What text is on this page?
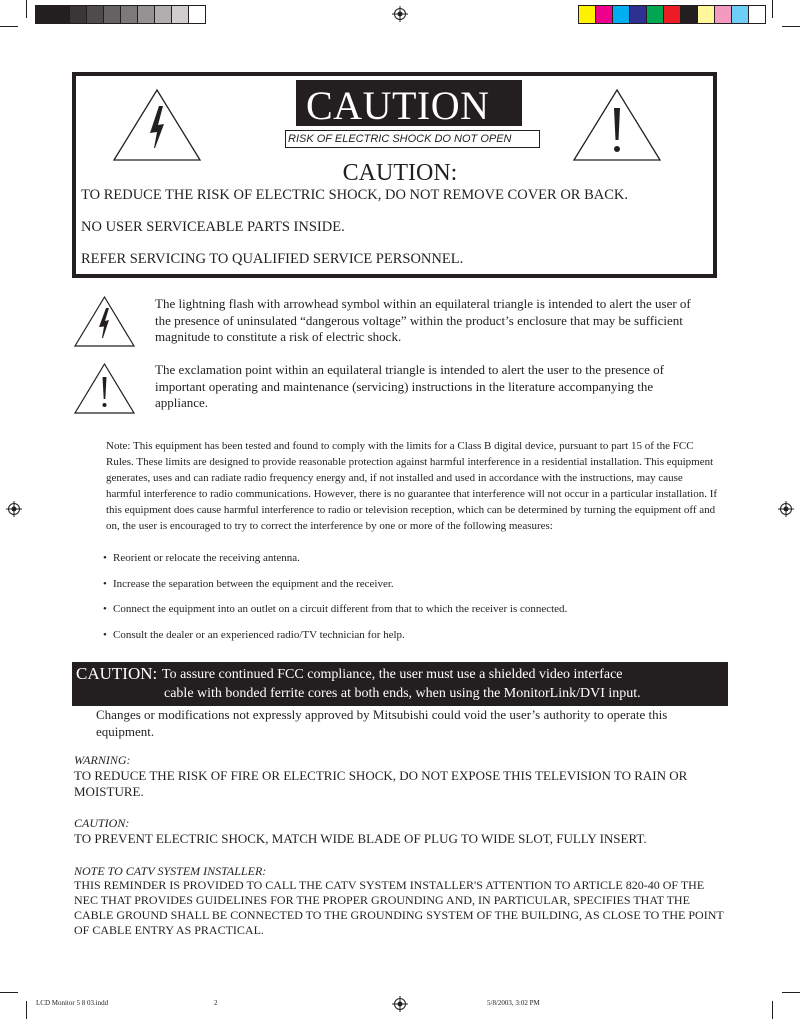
CAUTION
RISK OF ELECTRIC SHOCK DO NOT OPEN
CAUTION:
TO REDUCE THE RISK OF ELECTRIC SHOCK, DO NOT REMOVE COVER OR BACK.
NO USER SERVICEABLE PARTS INSIDE.
REFER SERVICING TO QUALIFIED SERVICE PERSONNEL.
The lightning flash with arrowhead symbol within an equilateral triangle is intended to alert the user of the presence of uninsulated “dangerous voltage” within the product’s enclosure that may be sufficient magnitude to constitute a risk of electric shock.
The exclamation point within an equilateral triangle is intended to alert the user to the presence of important operating and maintenance (servicing) instructions in the literature accompanying the appliance.
Note: This equipment has been tested and found to comply with the limits for a Class B digital device, pursuant to part 15 of the FCC Rules. These limits are designed to provide reasonable protection against harmful interference in a residential installation. This equipment generates, uses and can radiate radio frequency energy and, if not installed and used in accordance with the instructions, may cause harmful interference to radio communications. However, there is no guarantee that interference will not occur in a particular installation. If this equipment does cause harmful interference to radio or television reception, which can be determined by turning the equipment off and on, the user is encouraged to try to correct the interference by one or more of the following measures:
• Reorient or relocate the receiving antenna.
• Increase the separation between the equipment and the receiver.
• Connect the equipment into an outlet on a circuit different from that to which the receiver is connected.
• Consult the dealer or an experienced radio/TV technician for help.
CAUTION: To assure continued FCC compliance, the user must use a shielded video interface
cable with bonded ferrite cores at both ends, when using the MonitorLink/DVI input.
Changes or modifications not expressly approved by Mitsubishi could void the user’s authority to operate this equipment.
WARNING:
TO REDUCE THE RISK OF FIRE OR ELECTRIC SHOCK, DO NOT EXPOSE THIS TELEVISION TO RAIN OR MOISTURE.
CAUTION:
TO PREVENT ELECTRIC SHOCK, MATCH WIDE BLADE OF PLUG TO WIDE SLOT, FULLY INSERT.
NOTE TO CATV SYSTEM INSTALLER:
THIS REMINDER IS PROVIDED TO CALL THE CATV SYSTEM INSTALLER'S ATTENTION TO ARTICLE 820-40 OF THE NEC THAT PROVIDES GUIDELINES FOR THE PROPER GROUNDING AND, IN PARTICULAR, SPECIFIES THAT THE CABLE GROUND SHALL BE CONNECTED TO THE GROUNDING SYSTEM OF THE BUILDING, AS CLOSE TO THE POINT OF CABLE ENTRY AS PRACTICAL.
LCD Monitor 5 8 03.indd	2	5/8/2003, 3:02 PM
